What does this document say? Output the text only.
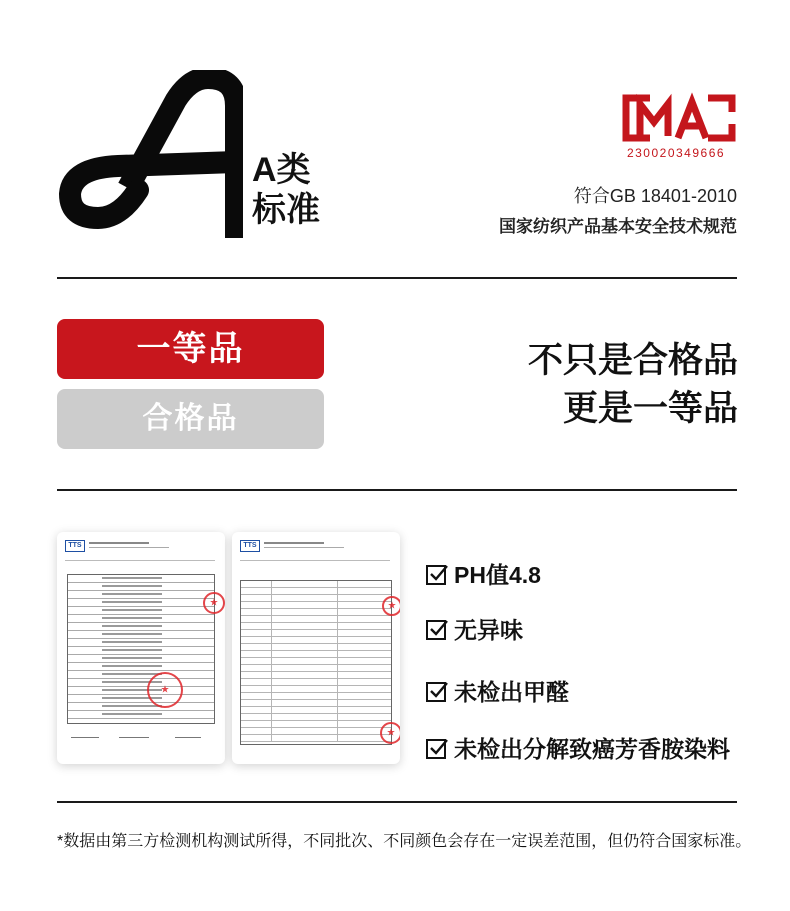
A类
标准
230020349666
符合GB 18401-2010
国家纺织产品基本安全技术规范
一等品
合格品
不只是合格品
更是一等品
TTS
★
★	TTS
★
★
PH值4.8
无异味
未检出甲醛
未检出分解致癌芳香胺染料
*数据由第三方检测机构测试所得，不同批次、不同颜色会存在一定误差范围，但仍符合国家标准。
